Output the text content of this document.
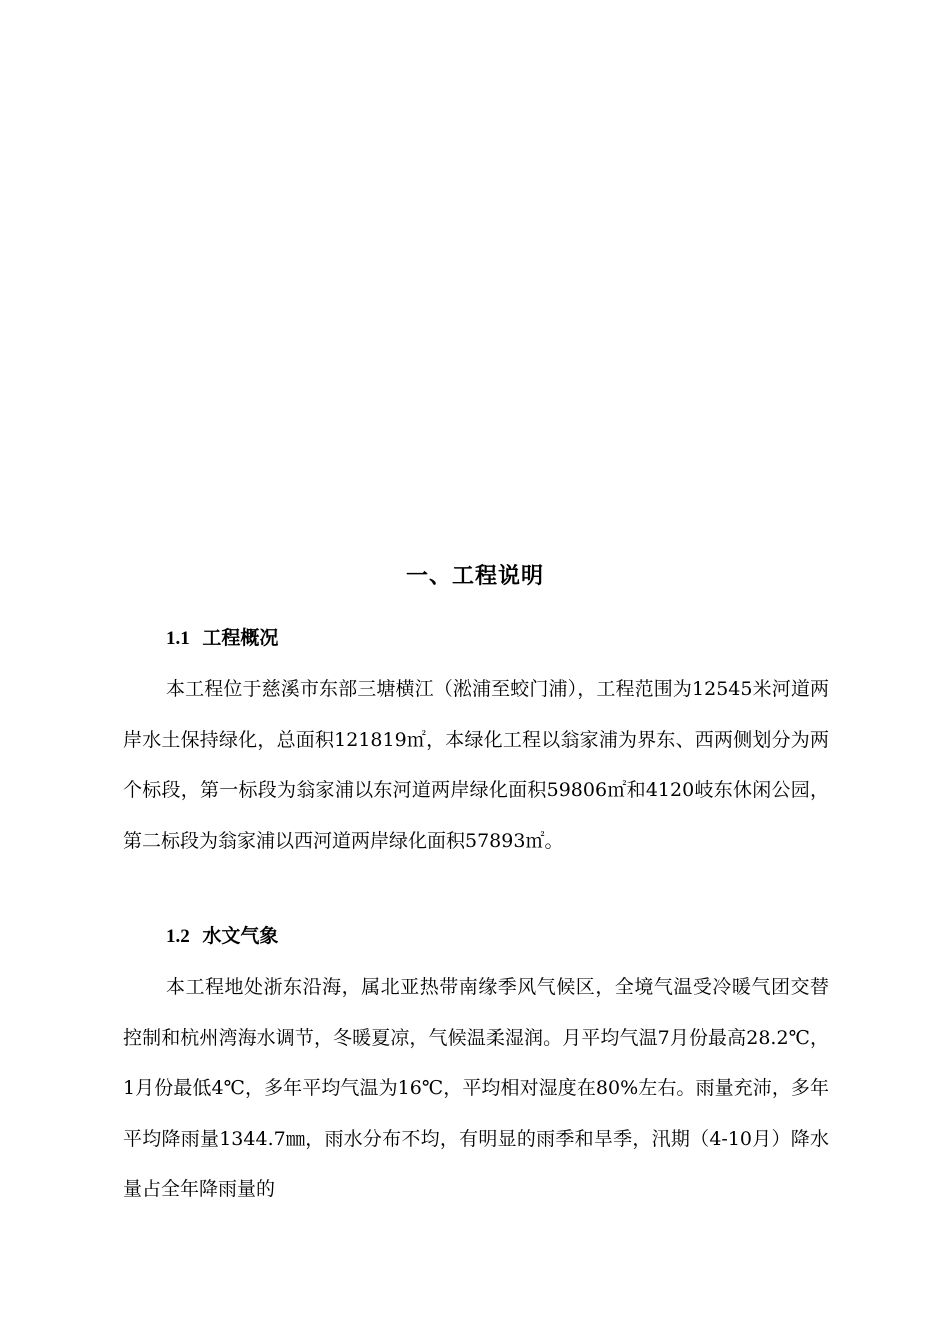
一、工程说明
1.1 工程概况

本工程位于慈溪市东部三塘横江（淞浦至蛟门浦），工程范围为12545米河道两岸水土保持绿化，总面积121819㎡，本绿化工程以翁家浦为界东、西两侧划分为两个标段，第一标段为翁家浦以东河道两岸绿化面积59806㎡和4120岐东休闲公园，第二标段为翁家浦以西河道两岸绿化面积57893㎡。

1.2 水文气象

本工程地处浙东沿海，属北亚热带南缘季风气候区，全境气温受冷暖气团交替控制和杭州湾海水调节，冬暖夏凉，气候温柔湿润。月平均气温7月份最高28.2℃，1月份最低4℃，多年平均气温为16℃，平均相对湿度在80%左右。雨量充沛，多年平均降雨量1344.7㎜，雨水分布不均，有明显的雨季和旱季，汛期（4-10月）降水量占全年降雨量的
